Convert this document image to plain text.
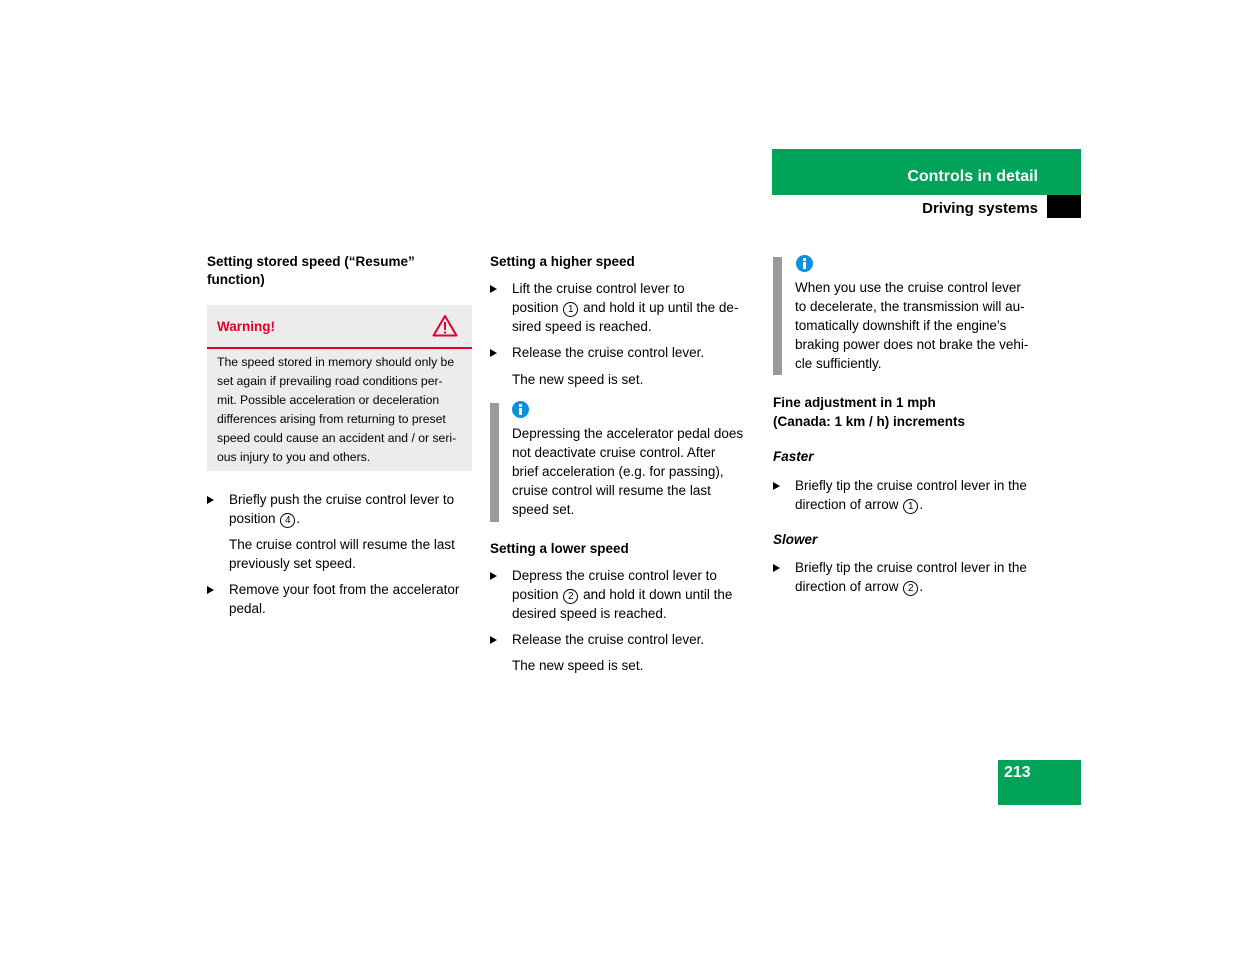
Controls in detail
Driving systems
Setting stored speed (“Resume”
function)
Warning!
The speed stored in memory should only be
set again if prevailing road conditions per-
mit. Possible acceleration or deceleration
differences arising from returning to preset
speed could cause an accident and / or seri-
ous injury to you and others.
Briefly push the cruise control lever to
position 4 .
The cruise control will resume the last
previously set speed.
Remove your foot from the accelerator
pedal.
Setting a higher speed
Lift the cruise control lever to
position 1 and hold it up until the de-
sired speed is reached.
Release the cruise control lever.
The new speed is set.
Depressing the accelerator pedal does
not deactivate cruise control. After
brief acceleration (e.g. for passing),
cruise control will resume the last
speed set.
Setting a lower speed
Depress the cruise control lever to
position 2 and hold it down until the
desired speed is reached.
Release the cruise control lever.
The new speed is set.
When you use the cruise control lever
to decelerate, the transmission will au-
tomatically downshift if the engine’s
braking power does not brake the vehi-
cle sufficiently.
Fine adjustment in 1 mph
(Canada: 1 km / h) increments
Faster
Briefly tip the cruise control lever in the
direction of arrow 1 .
Slower
Briefly tip the cruise control lever in the
direction of arrow 2 .
213
